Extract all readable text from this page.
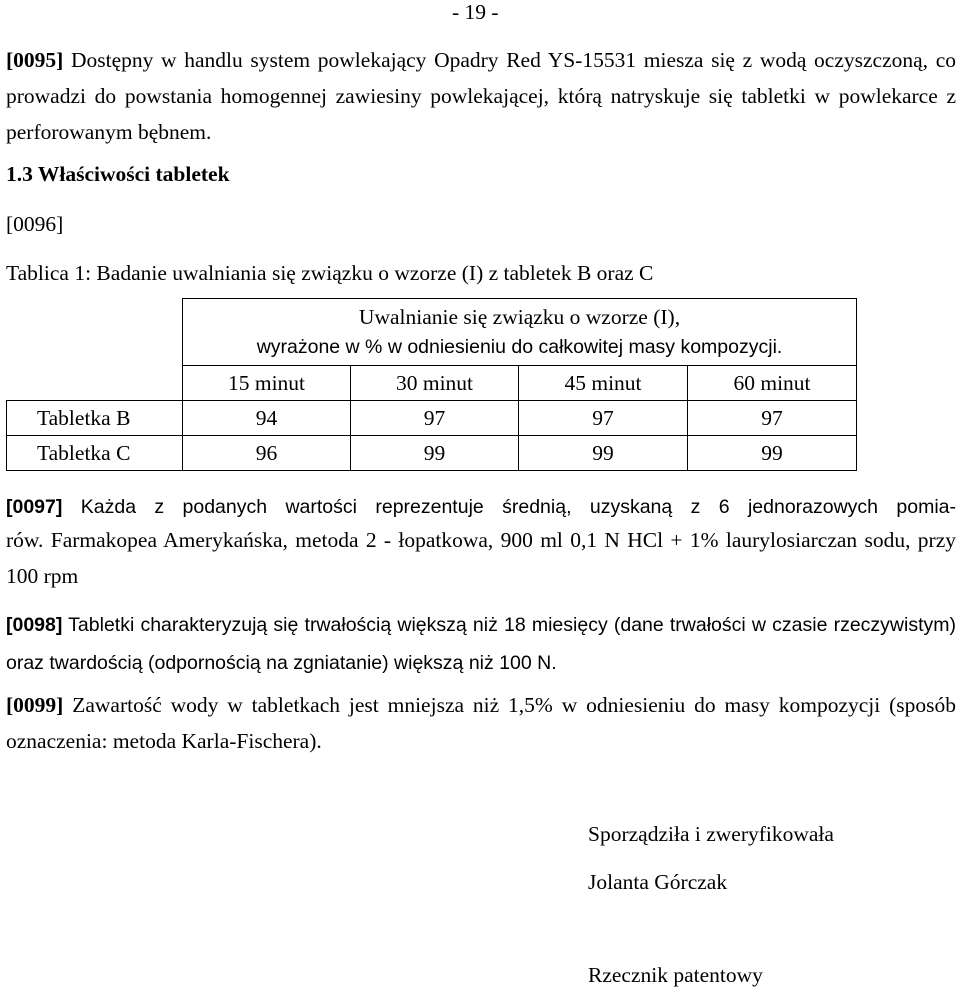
- 19 -

[0095] Dostępny w handlu system powlekający Opadry Red YS-15531 miesza się z wodą oczyszczoną, co prowadzi do powstania homogennej zawiesiny powlekającej, którą natryskuje się tabletki w powlekarce z perforowanym bębnem.

1.3 Właściwości tabletek
[0096]
Tablica 1: Badanie uwalniania się związku o wzorze (I) z tabletek B oraz C

	Uwalnianie się związku o wzorze (I),
wyrażone w % w odniesieniu do całkowitej masy kompozycji.			

	15 minut	30 minut	45 minut	60 minut
Tabletka B	94	97	97	97
Tabletka C	96	99	99	99
[0097] Każda z podanych wartości reprezentuje średnią, uzyskaną z 6 jednorazowych pomia-

rów. Farmakopea Amerykańska, metoda 2 - łopatkowa, 900 ml 0,1 N HCl + 1% laurylosiarczan sodu, przy 100 rpm

[0098] Tabletki charakteryzują się trwałością większą niż 18 miesięcy (dane trwałości w czasie rzeczywistym) oraz twardością (odpornością na zgniatanie) większą niż 100 N.

[0099] Zawartość wody w tabletkach jest mniejsza niż 1,5% w odniesieniu do masy kompozycji (sposób oznaczenia: metoda Karla-Fischera).

Sporządziła i zweryfikowała
Jolanta Górczak
Rzecznik patentowy
